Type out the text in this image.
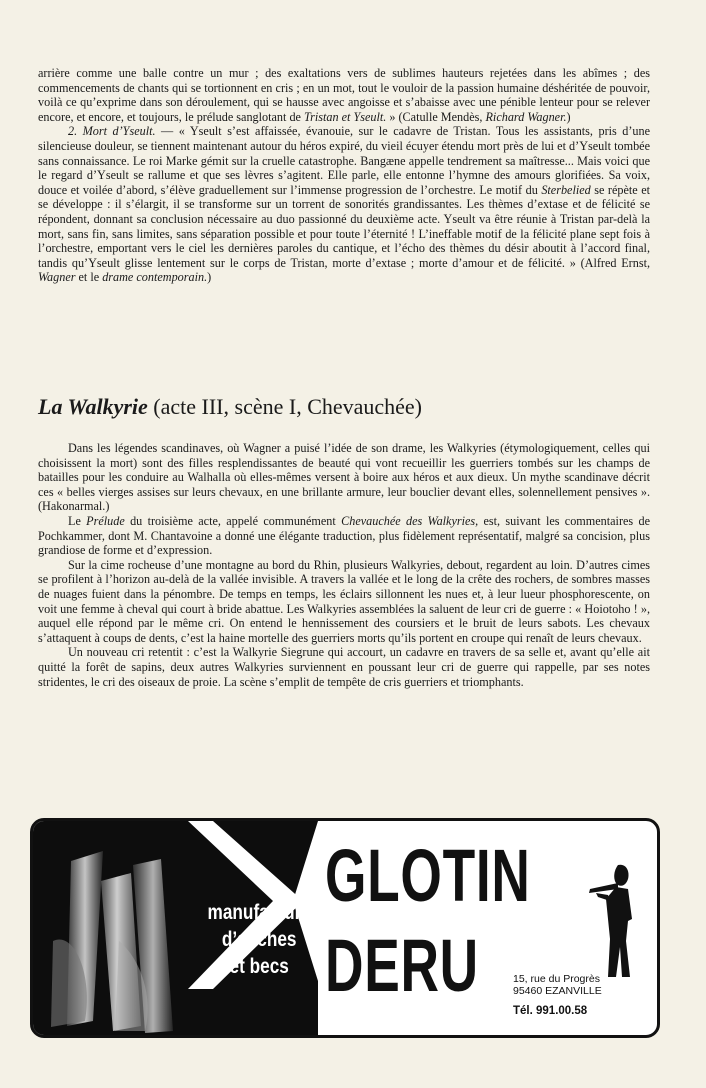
arrière comme une balle contre un mur ; des exaltations vers de sublimes hauteurs rejetées dans les abîmes ; des commencements de chants qui se tortionnent en cris ; en un mot, tout le vouloir de la passion humaine déshéritée de pouvoir, voilà ce qu’exprime dans son déroulement, qui se hausse avec angoisse et s’abaisse avec une pénible lenteur pour se relever encore, et encore, et toujours, le prélude sanglotant de Tristan et Yseult. » (Catulle Mendès, Richard Wagner.)

2. Mort d’Yseult. — « Yseult s’est affaissée, évanouie, sur le cadavre de Tristan. Tous les assistants, pris d’une silencieuse douleur, se tiennent maintenant autour du héros expiré, du vieil écuyer étendu mort près de lui et d’Yseult tombée sans connaissance. Le roi Marke gémit sur la cruelle catastrophe. Bangæne appelle tendrement sa maîtresse... Mais voici que le regard d’Yseult se rallume et que ses lèvres s’agitent. Elle parle, elle entonne l’hymne des amours glorifiées. Sa voix, douce et voilée d’abord, s’élève graduellement sur l’immense progression de l’orchestre. Le motif du Sterbelied se répète et se développe : il s’élargit, il se transforme sur un torrent de sonorités grandissantes. Les thèmes d’extase et de félicité se répondent, donnant sa conclusion nécessaire au duo passionné du deuxième acte. Yseult va être réunie à Tristan par-delà la mort, sans fin, sans limites, sans séparation possible et pour toute l’éternité ! L’ineffable motif de la félicité plane sept fois à l’orchestre, emportant vers le ciel les dernières paroles du cantique, et l’écho des thèmes du désir aboutit à l’accord final, tandis qu’Yseult glisse lentement sur le corps de Tristan, morte d’extase ; morte d’amour et de félicité. » (Alfred Ernst, Wagner et le drame contemporain.)

La Walkyrie (acte III, scène I, Chevauchée)

Dans les légendes scandinaves, où Wagner a puisé l’idée de son drame, les Walkyries (étymologiquement, celles qui choisissent la mort) sont des filles resplendissantes de beauté qui vont recueillir les guerriers tombés sur les champs de batailles pour les conduire au Walhalla où elles-mêmes versent à boire aux héros et aux dieux. Un mythe scandinave décrit ces « belles vierges assises sur leurs chevaux, en une brillante armure, leur bouclier devant elles, solennellement pensives ». (Hakonarmal.)

Le Prélude du troisième acte, appelé communément Chevauchée des Walkyries, est, suivant les commentaires de Pochkammer, dont M. Chantavoine a donné une élégante traduction, plus fidèlement représentatif, malgré sa concision, plus grandiose de forme et d’expression.

Sur la cime rocheuse d’une montagne au bord du Rhin, plusieurs Walkyries, debout, regardent au loin. D’autres cimes se profilent à l’horizon au-delà de la vallée invisible. A travers la vallée et le long de la crête des rochers, de sombres masses de nuages fuient dans la pénombre. De temps en temps, les éclairs sillonnent les nues et, à leur lueur phosphorescente, on voit une femme à cheval qui court à bride abattue. Les Walkyries assemblées la saluent de leur cri de guerre : « Hoiotoho ! », auquel elle répond par le même cri. On entend le hennissement des coursiers et le bruit de leurs sabots. Les chevaux s’attaquent à coups de dents, c’est la haine mortelle des guerriers morts qu’ils portent en croupe qui renaît de leurs chevaux.

Un nouveau cri retentit : c’est la Walkyrie Siegrune qui accourt, un cadavre en travers de sa selle et, avant qu’elle ait quitté la forêt de sapins, deux autres Walkyries surviennent en poussant leur cri de guerre qui rappelle, par ses notes stridentes, le cri des oiseaux de proie. La scène s’emplit de tempête de cris guerriers et triomphants.

manufacture
d’anches
et becs
GLOTIN
DERU	15, rue du Progrès
95460 EZANVILLE
Tél. 991.00.58
